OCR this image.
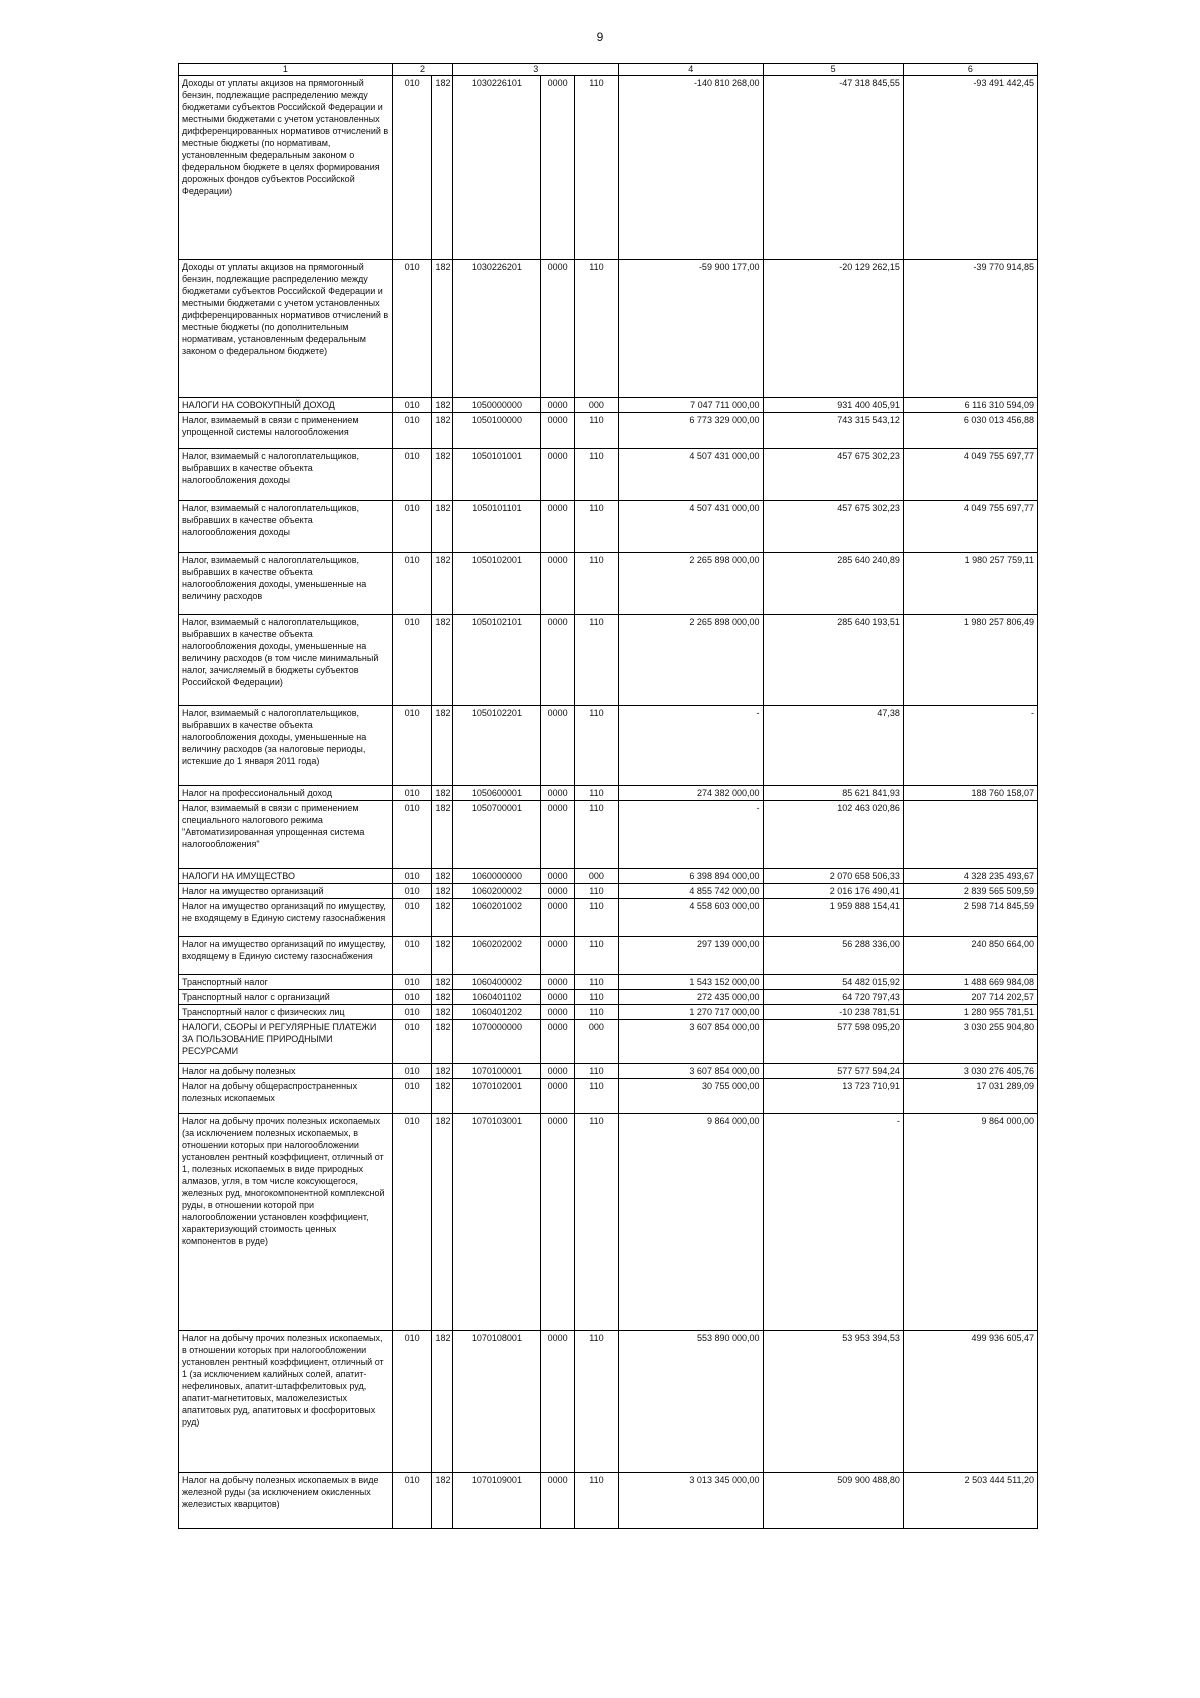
9
1	2		3			4	5	6
Доходы от уплаты акцизов на прямогонный бензин, подлежащие распределению между бюджетами субъектов Российской Федерации и местными бюджетами с учетом установленных дифференцированных нормативов отчислений в местные бюджеты (по нормативам, установленным федеральным законом о федеральном бюджете в целях формирования дорожных фондов субъектов Российской Федерации)	010	182	1030226101	0000	110	-140 810 268,00	-47 318 845,55	-93 491 442,45
Доходы от уплаты акцизов на прямогонный бензин, подлежащие распределению между бюджетами субъектов Российской Федерации и местными бюджетами с учетом установленных дифференцированных нормативов отчислений в местные бюджеты (по дополнительным нормативам, установленным федеральным законом о федеральном бюджете)	010	182	1030226201	0000	110	-59 900 177,00	-20 129 262,15	-39 770 914,85
НАЛОГИ НА СОВОКУПНЫЙ ДОХОД	010	182	1050000000	0000	000	7 047 711 000,00	931 400 405,91	6 116 310 594,09
Налог, взимаемый в связи с применением упрощенной системы налогообложения	010	182	1050100000	0000	110	6 773 329 000,00	743 315 543,12	6 030 013 456,88
Налог, взимаемый с налогоплательщиков, выбравших в качестве объекта налогообложения доходы	010	182	1050101001	0000	110	4 507 431 000,00	457 675 302,23	4 049 755 697,77
Налог, взимаемый с налогоплательщиков, выбравших в качестве объекта налогообложения доходы	010	182	1050101101	0000	110	4 507 431 000,00	457 675 302,23	4 049 755 697,77
Налог, взимаемый с налогоплательщиков, выбравших в качестве объекта налогообложения доходы, уменьшенные на величину расходов	010	182	1050102001	0000	110	2 265 898 000,00	285 640 240,89	1 980 257 759,11
Налог, взимаемый с налогоплательщиков, выбравших в качестве объекта налогообложения доходы, уменьшенные на величину расходов (в том числе минимальный налог, зачисляемый в бюджеты субъектов Российской Федерации)	010	182	1050102101	0000	110	2 265 898 000,00	285 640 193,51	1 980 257 806,49
Налог, взимаемый с налогоплательщиков, выбравших в качестве объекта налогообложения доходы, уменьшенные на величину расходов (за налоговые периоды, истекшие до 1 января 2011 года)	010	182	1050102201	0000	110	-	47,38	-
Налог на профессиональный доход	010	182	1050600001	0000	110	274 382 000,00	85 621 841,93	188 760 158,07
Налог, взимаемый в связи с применением специального налогового режима "Автоматизированная упрощенная система налогообложения"	010	182	1050700001	0000	110	-	102 463 020,86	
НАЛОГИ НА ИМУЩЕСТВО	010	182	1060000000	0000	000	6 398 894 000,00	2 070 658 506,33	4 328 235 493,67
Налог на имущество организаций	010	182	1060200002	0000	110	4 855 742 000,00	2 016 176 490,41	2 839 565 509,59
Налог на имущество организаций по имуществу, не входящему в Единую систему газоснабжения	010	182	1060201002	0000	110	4 558 603 000,00	1 959 888 154,41	2 598 714 845,59
Налог на имущество организаций по имуществу, входящему в Единую систему газоснабжения	010	182	1060202002	0000	110	297 139 000,00	56 288 336,00	240 850 664,00
Транспортный налог	010	182	1060400002	0000	110	1 543 152 000,00	54 482 015,92	1 488 669 984,08
Транспортный налог с организаций	010	182	1060401102	0000	110	272 435 000,00	64 720 797,43	207 714 202,57
Транспортный налог с физических лиц	010	182	1060401202	0000	110	1 270 717 000,00	-10 238 781,51	1 280 955 781,51
НАЛОГИ, СБОРЫ И РЕГУЛЯРНЫЕ ПЛАТЕЖИ ЗА ПОЛЬЗОВАНИЕ ПРИРОДНЫМИ РЕСУРСАМИ	010	182	1070000000	0000	000	3 607 854 000,00	577 598 095,20	3 030 255 904,80
Налог на добычу полезных	010	182	1070100001	0000	110	3 607 854 000,00	577 577 594,24	3 030 276 405,76
Налог на добычу общераспространенных полезных ископаемых	010	182	1070102001	0000	110	30 755 000,00	13 723 710,91	17 031 289,09
Налог на добычу прочих полезных ископаемых (за исключением полезных ископаемых, в отношении которых при налогообложении установлен рентный коэффициент, отличный от 1, полезных ископаемых в виде природных алмазов, угля, в том числе коксующегося, железных руд, многокомпонентной комплексной руды, в отношении которой при налогообложении установлен коэффициент, характеризующий стоимость ценных компонентов в руде)	010	182	1070103001	0000	110	9 864 000,00	-	9 864 000,00
Налог на добычу прочих полезных ископаемых, в отношении которых при налогообложении установлен рентный коэффициент, отличный от 1 (за исключением калийных солей, апатит-нефелиновых, апатит-штаффелитовых руд, апатит-магнетитовых, маложелезистых апатитовых руд, апатитовых и фосфоритовых руд)	010	182	1070108001	0000	110	553 890 000,00	53 953 394,53	499 936 605,47
Налог на добычу полезных ископаемых в виде железной руды (за исключением окисленных железистых кварцитов)	010	182	1070109001	0000	110	3 013 345 000,00	509 900 488,80	2 503 444 511,20
